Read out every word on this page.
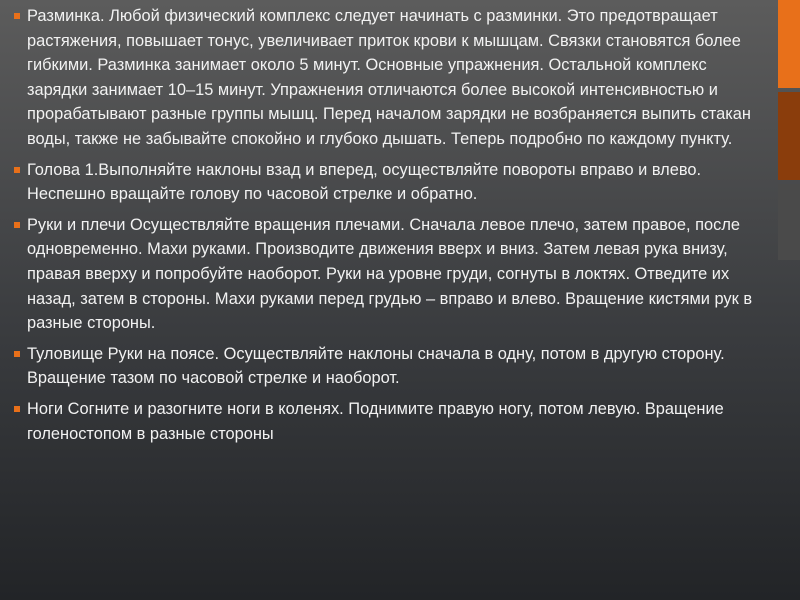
Разминка. Любой физический комплекс следует начинать с разминки. Это предотвращает растяжения, повышает тонус, увеличивает приток крови к мышцам. Связки становятся более гибкими. Разминка занимает около 5 минут. Основные упражнения. Остальной комплекс зарядки занимает 10–15 минут. Упражнения отличаются более высокой интенсивностью и прорабатывают разные группы мышц. Перед началом зарядки не возбраняется выпить стакан воды, также не забывайте спокойно и глубоко дышать. Теперь подробно по каждому пункту.
Голова 1.Выполняйте наклоны взад и вперед, осуществляйте повороты вправо и влево. Неспешно вращайте голову по часовой стрелке и обратно.
Руки и плечи Осуществляйте вращения плечами. Сначала левое плечо, затем правое, после одновременно. Махи руками. Производите движения вверх и вниз. Затем левая рука внизу, правая вверху и попробуйте наоборот. Руки на уровне груди, согнуты в локтях. Отведите их назад, затем в стороны. Махи руками перед грудью – вправо и влево. Вращение кистями рук в разные стороны.
Туловище Руки на поясе. Осуществляйте наклоны сначала в одну, потом в другую сторону. Вращение тазом по часовой стрелке и наоборот.
Ноги Согните и разогните ноги в коленях. Поднимите правую ногу, потом левую. Вращение голеностопом в разные стороны
